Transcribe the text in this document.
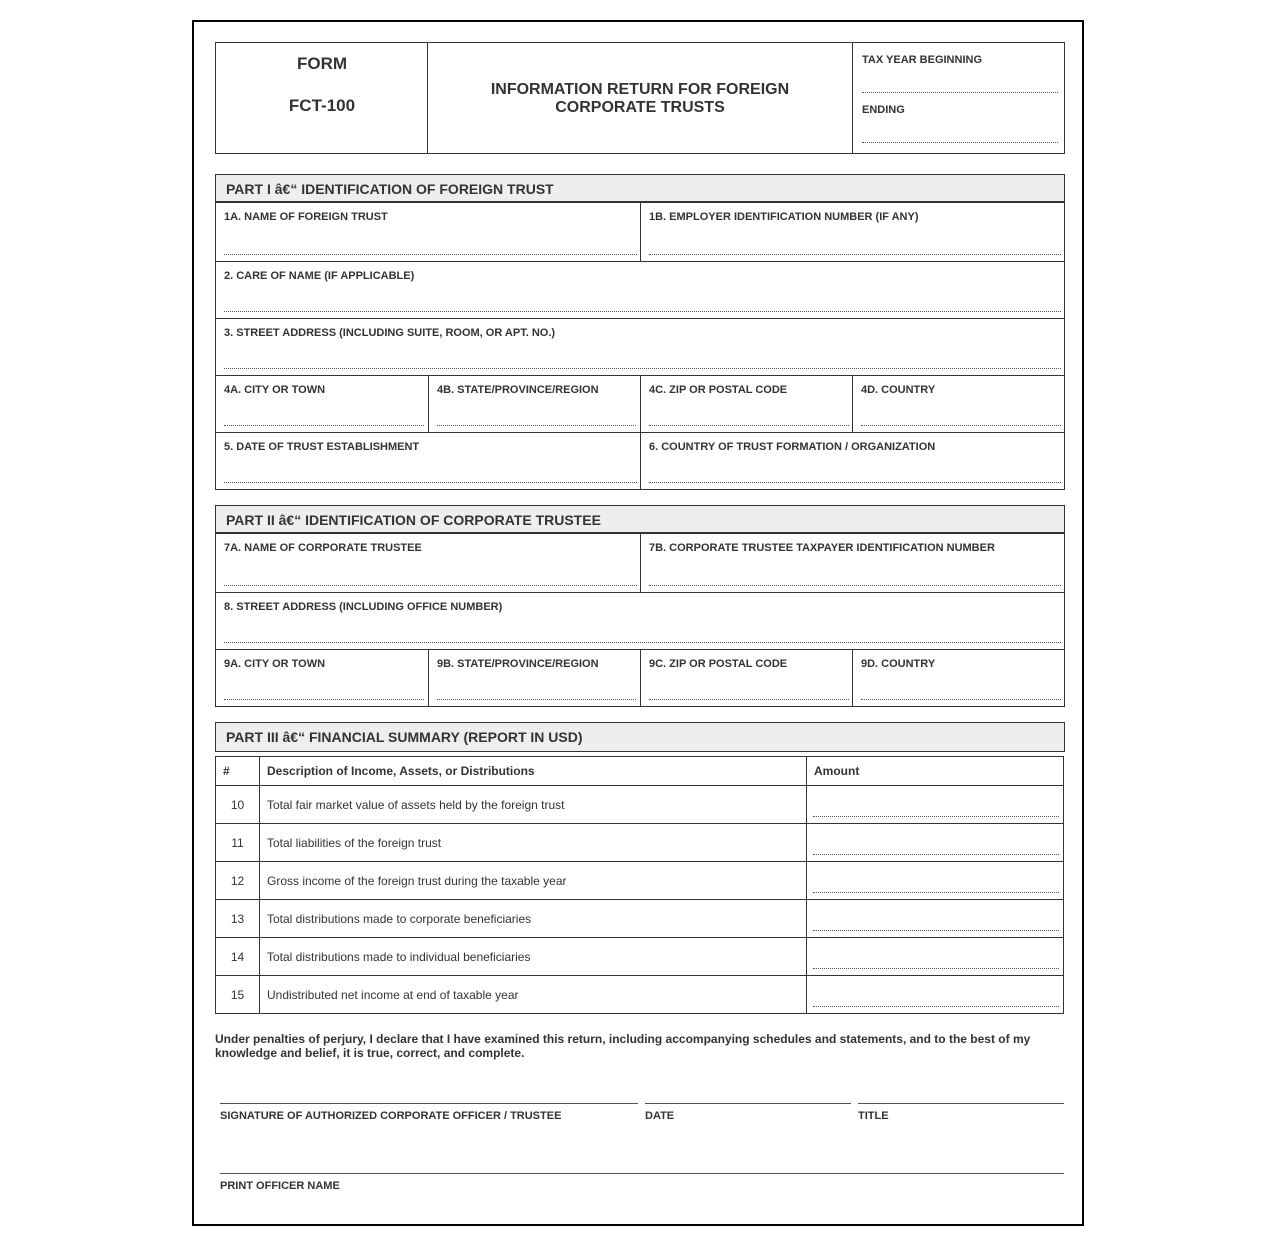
FORM
FCT-100
INFORMATION RETURN FOR FOREIGN
CORPORATE TRUSTS
TAX YEAR BEGINNING
ENDING
PART I â€“ IDENTIFICATION OF FOREIGN TRUST
1A. NAME OF FOREIGN TRUST	1B. EMPLOYER IDENTIFICATION NUMBER (IF ANY)
2. CARE OF NAME (IF APPLICABLE)
3. STREET ADDRESS (INCLUDING SUITE, ROOM, OR APT. NO.)
4A. CITY OR TOWN	4B. STATE/PROVINCE/REGION	4C. ZIP OR POSTAL CODE	4D. COUNTRY
5. DATE OF TRUST ESTABLISHMENT	6. COUNTRY OF TRUST FORMATION / ORGANIZATION
PART II â€“ IDENTIFICATION OF CORPORATE TRUSTEE
7A. NAME OF CORPORATE TRUSTEE	7B. CORPORATE TRUSTEE TAXPAYER IDENTIFICATION NUMBER
8. STREET ADDRESS (INCLUDING OFFICE NUMBER)
9A. CITY OR TOWN	9B. STATE/PROVINCE/REGION	9C. ZIP OR POSTAL CODE	9D. COUNTRY
PART III â€“ FINANCIAL SUMMARY (REPORT IN USD)
#	Description of Income, Assets, or Distributions	Amount
10	Total fair market value of assets held by the foreign trust	

11	Total liabilities of the foreign trust	

12	Gross income of the foreign trust during the taxable year	

13	Total distributions made to corporate beneficiaries	

14	Total distributions made to individual beneficiaries	

15	Undistributed net income at end of taxable year	
Under penalties of perjury, I declare that I have examined this return, including accompanying schedules and statements, and to the best of my knowledge and belief, it is true, correct, and complete.
SIGNATURE OF AUTHORIZED CORPORATE OFFICER / TRUSTEE	DATE	TITLE
PRINT OFFICER NAME
